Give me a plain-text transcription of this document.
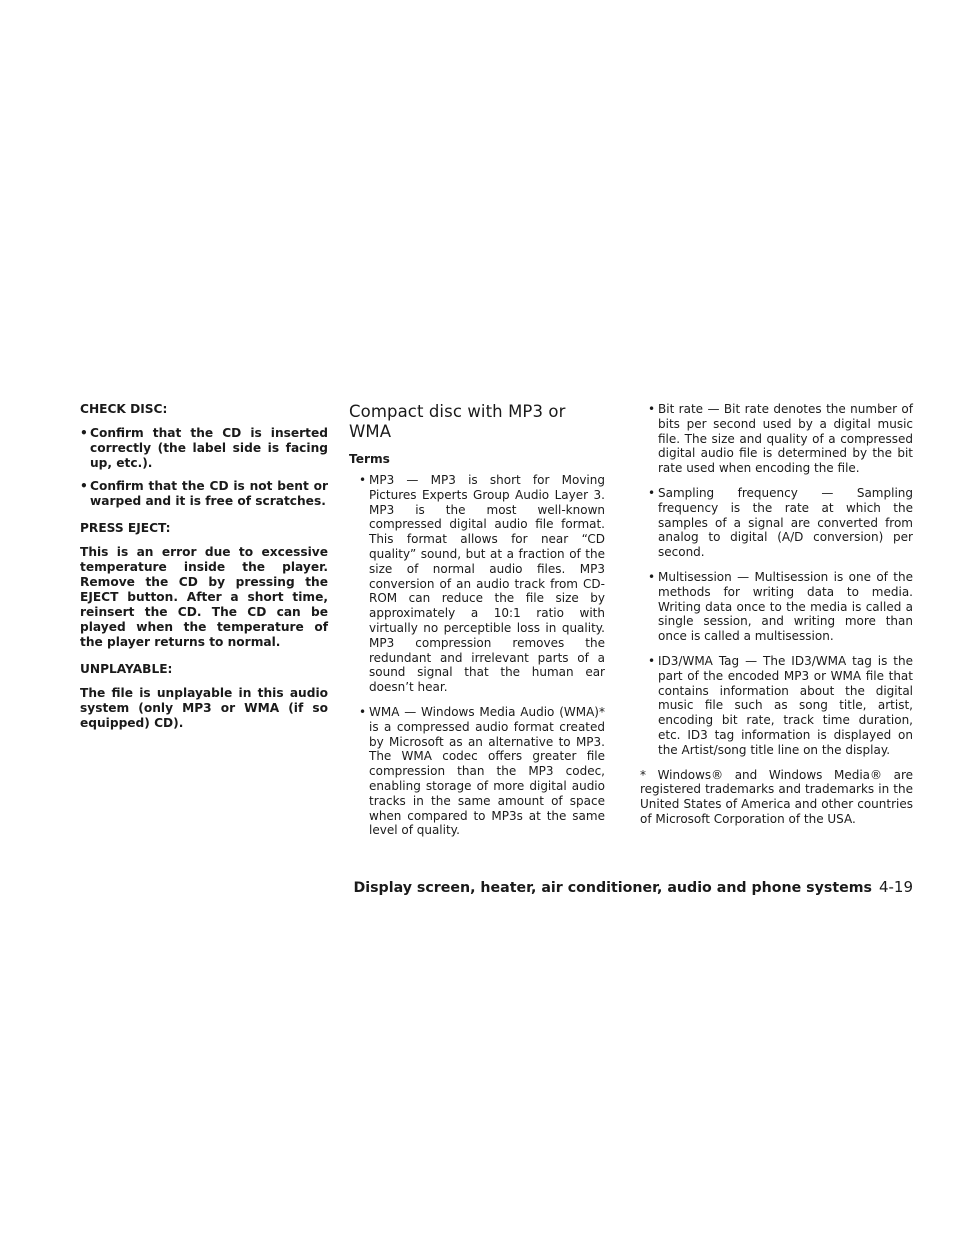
CHECK DISC:

• Confirm that the CD is inserted correctly (the label side is facing up, etc.).
• Confirm that the CD is not bent or warped and it is free of scratches.

PRESS EJECT:

This is an error due to excessive temperature inside the player. Remove the CD by pressing the EJECT button. After a short time, reinsert the CD. The CD can be played when the temperature of the player returns to normal.

UNPLAYABLE:

The file is unplayable in this audio system (only MP3 or WMA (if so equipped) CD).

Compact disc with MP3 or WMA
Terms
• MP3 — MP3 is short for Moving Pictures Experts Group Audio Layer 3. MP3 is the most well-known compressed digital audio file format. This format allows for near “CD quality” sound, but at a fraction of the size of normal audio files. MP3 conversion of an audio track from CD-ROM can reduce the file size by approximately a 10:1 ratio with virtually no perceptible loss in quality. MP3 compression removes the redundant and irrelevant parts of a sound signal that the human ear doesn’t hear.
• WMA — Windows Media Audio (WMA)* is a compressed audio format created by Microsoft as an alternative to MP3. The WMA codec offers greater file compression than the MP3 codec, enabling storage of more digital audio tracks in the same amount of space when compared to MP3s at the same level of quality.
• Bit rate — Bit rate denotes the number of bits per second used by a digital music file. The size and quality of a compressed digital audio file is determined by the bit rate used when encoding the file.
• Sampling frequency — Sampling frequency is the rate at which the samples of a signal are converted from analog to digital (A/D conversion) per second.
• Multisession — Multisession is one of the methods for writing data to media. Writing data once to the media is called a single session, and writing more than once is called a multisession.
• ID3/WMA Tag — The ID3/WMA tag is the part of the encoded MP3 or WMA file that contains information about the digital music file such as song title, artist, encoding bit rate, track time duration, etc. ID3 tag information is displayed on the Artist/song title line on the display.

* Windows® and Windows Media® are registered trademarks and trademarks in the United States of America and other countries of Microsoft Corporation of the USA.

Display screen, heater, air conditioner, audio and phone systems 4-19
